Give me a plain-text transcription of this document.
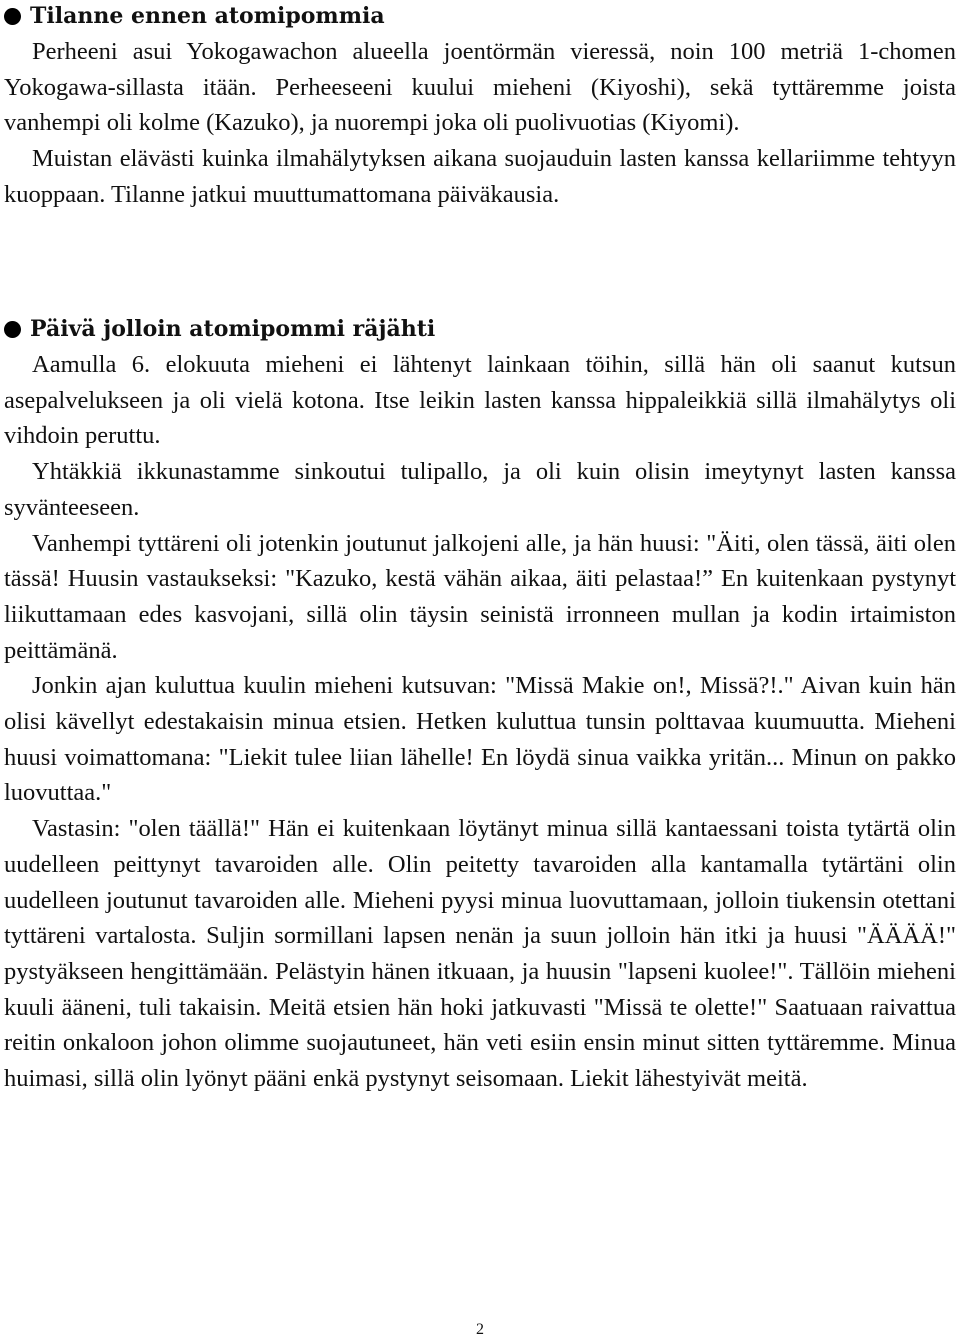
Tilanne ennen atomipommia

Perheeni asui Yokogawachon alueella joentörmän vieressä, noin 100 metriä 1-chomen Yokogawa-sillasta itään. Perheeseeni kuului mieheni (Kiyoshi), sekä tyttäremme joista vanhempi oli kolme (Kazuko), ja nuorempi joka oli puolivuotias (Kiyomi).

Muistan elävästi kuinka ilmahälytyksen aikana suojauduin lasten kanssa kellariimme tehtyyn kuoppaan. Tilanne jatkui muuttumattomana päiväkausia.

Päivä jolloin atomipommi räjähti

Aamulla 6. elokuuta mieheni ei lähtenyt lainkaan töihin, sillä hän oli saanut kutsun asepalvelukseen ja oli vielä kotona. Itse leikin lasten kanssa hippaleikkiä sillä ilmahälytys oli vihdoin peruttu.

Yhtäkkiä ikkunastamme sinkoutui tulipallo, ja oli kuin olisin imeytynyt lasten kanssa syvänteeseen.

Vanhempi tyttäreni oli jotenkin joutunut jalkojeni alle, ja hän huusi: "Äiti, olen tässä, äiti olen tässä! Huusin vastaukseksi: "Kazuko, kestä vähän aikaa, äiti pelastaa!” En kuitenkaan pystynyt liikuttamaan edes kasvojani, sillä olin täysin seinistä irronneen mullan ja kodin irtaimiston peittämänä.

Jonkin ajan kuluttua kuulin mieheni kutsuvan: "Missä Makie on!, Missä?!." Aivan kuin hän olisi kävellyt edestakaisin minua etsien. Hetken kuluttua tunsin polttavaa kuumuutta. Mieheni huusi voimattomana: "Liekit tulee liian lähelle! En löydä sinua vaikka yritän... Minun on pakko luovuttaa."

Vastasin: "olen täällä!" Hän ei kuitenkaan löytänyt minua sillä kantaessani toista tytärtä olin uudelleen peittynyt tavaroiden alle. Olin peitetty tavaroiden alla kantamalla tytärtäni olin uudelleen joutunut tavaroiden alle. Mieheni pyysi minua luovuttamaan, jolloin tiukensin otettani tyttäreni vartalosta. Suljin sormillani lapsen nenän ja suun jolloin hän itki ja huusi "ÄÄÄÄ!" pystyäkseen hengittämään. Pelästyin hänen itkuaan, ja huusin "lapseni kuolee!". Tällöin mieheni kuuli ääneni, tuli takaisin. Meitä etsien hän hoki jatkuvasti "Missä te olette!" Saatuaan raivattua reitin onkaloon johon olimme suojautuneet, hän veti esiin ensin minut sitten tyttäremme. Minua huimasi, sillä olin lyönyt pääni enkä pystynyt seisomaan. Liekit lähestyivät meitä.

2
